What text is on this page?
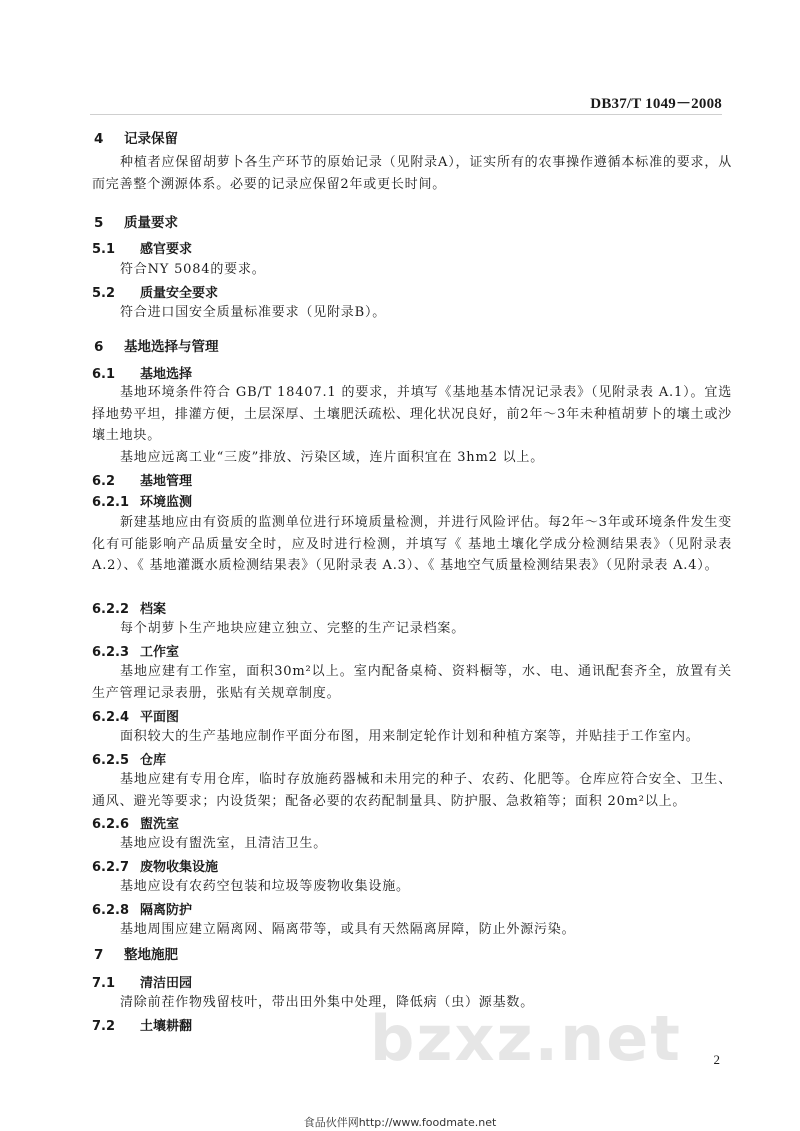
DB37/T 1049－2008
4 记录保留
种植者应保留胡萝卜各生产环节的原始记录（见附录A），证实所有的农事操作遵循本标准的要求，从而完善整个溯源体系。必要的记录应保留2年或更长时间。
5 质量要求
5.1 感官要求
符合NY 5084的要求。
5.2 质量安全要求
符合进口国安全质量标准要求（见附录B）。
6 基地选择与管理
6.1 基地选择
基地环境条件符合 GB/T 18407.1 的要求，并填写《基地基本情况记录表》（见附录表 A.1）。宜选择地势平坦，排灌方便，土层深厚、土壤肥沃疏松、理化状况良好，前2年～3年未种植胡萝卜的壤土或沙壤土地块。
基地应远离工业“三废”排放、污染区域，连片面积宜在 3hm2 以上。
6.2 基地管理
6.2.1 环境监测
新建基地应由有资质的监测单位进行环境质量检测，并进行风险评估。每2年～3年或环境条件发生变化有可能影响产品质量安全时，应及时进行检测，并填写《 基地土壤化学成分检测结果表》（见附录表 A.2）、《 基地灌溉水质检测结果表》（见附录表 A.3）、《 基地空气质量检测结果表》（见附录表 A.4）。
6.2.2 档案
每个胡萝卜生产地块应建立独立、完整的生产记录档案。
6.2.3 工作室
基地应建有工作室，面积30m²以上。室内配备桌椅、资料橱等，水、电、通讯配套齐全，放置有关生产管理记录表册，张贴有关规章制度。
6.2.4 平面图
面积较大的生产基地应制作平面分布图，用来制定轮作计划和种植方案等，并贴挂于工作室内。
6.2.5 仓库
基地应建有专用仓库，临时存放施药器械和未用完的种子、农药、化肥等。仓库应符合安全、卫生、通风、避光等要求；内设货架；配备必要的农药配制量具、防护服、急救箱等；面积 20m²以上。
6.2.6 盥洗室
基地应设有盥洗室，且清洁卫生。
6.2.7 废物收集设施
基地应设有农药空包装和垃圾等废物收集设施。
6.2.8 隔离防护
基地周围应建立隔离网、隔离带等，或具有天然隔离屏障，防止外源污染。
7 整地施肥
7.1 清洁田园
清除前茬作物残留枝叶，带出田外集中处理，降低病（虫）源基数。
7.2 土壤耕翻	bzxz.net 2
食品伙伴网http://www.foodmate.net
